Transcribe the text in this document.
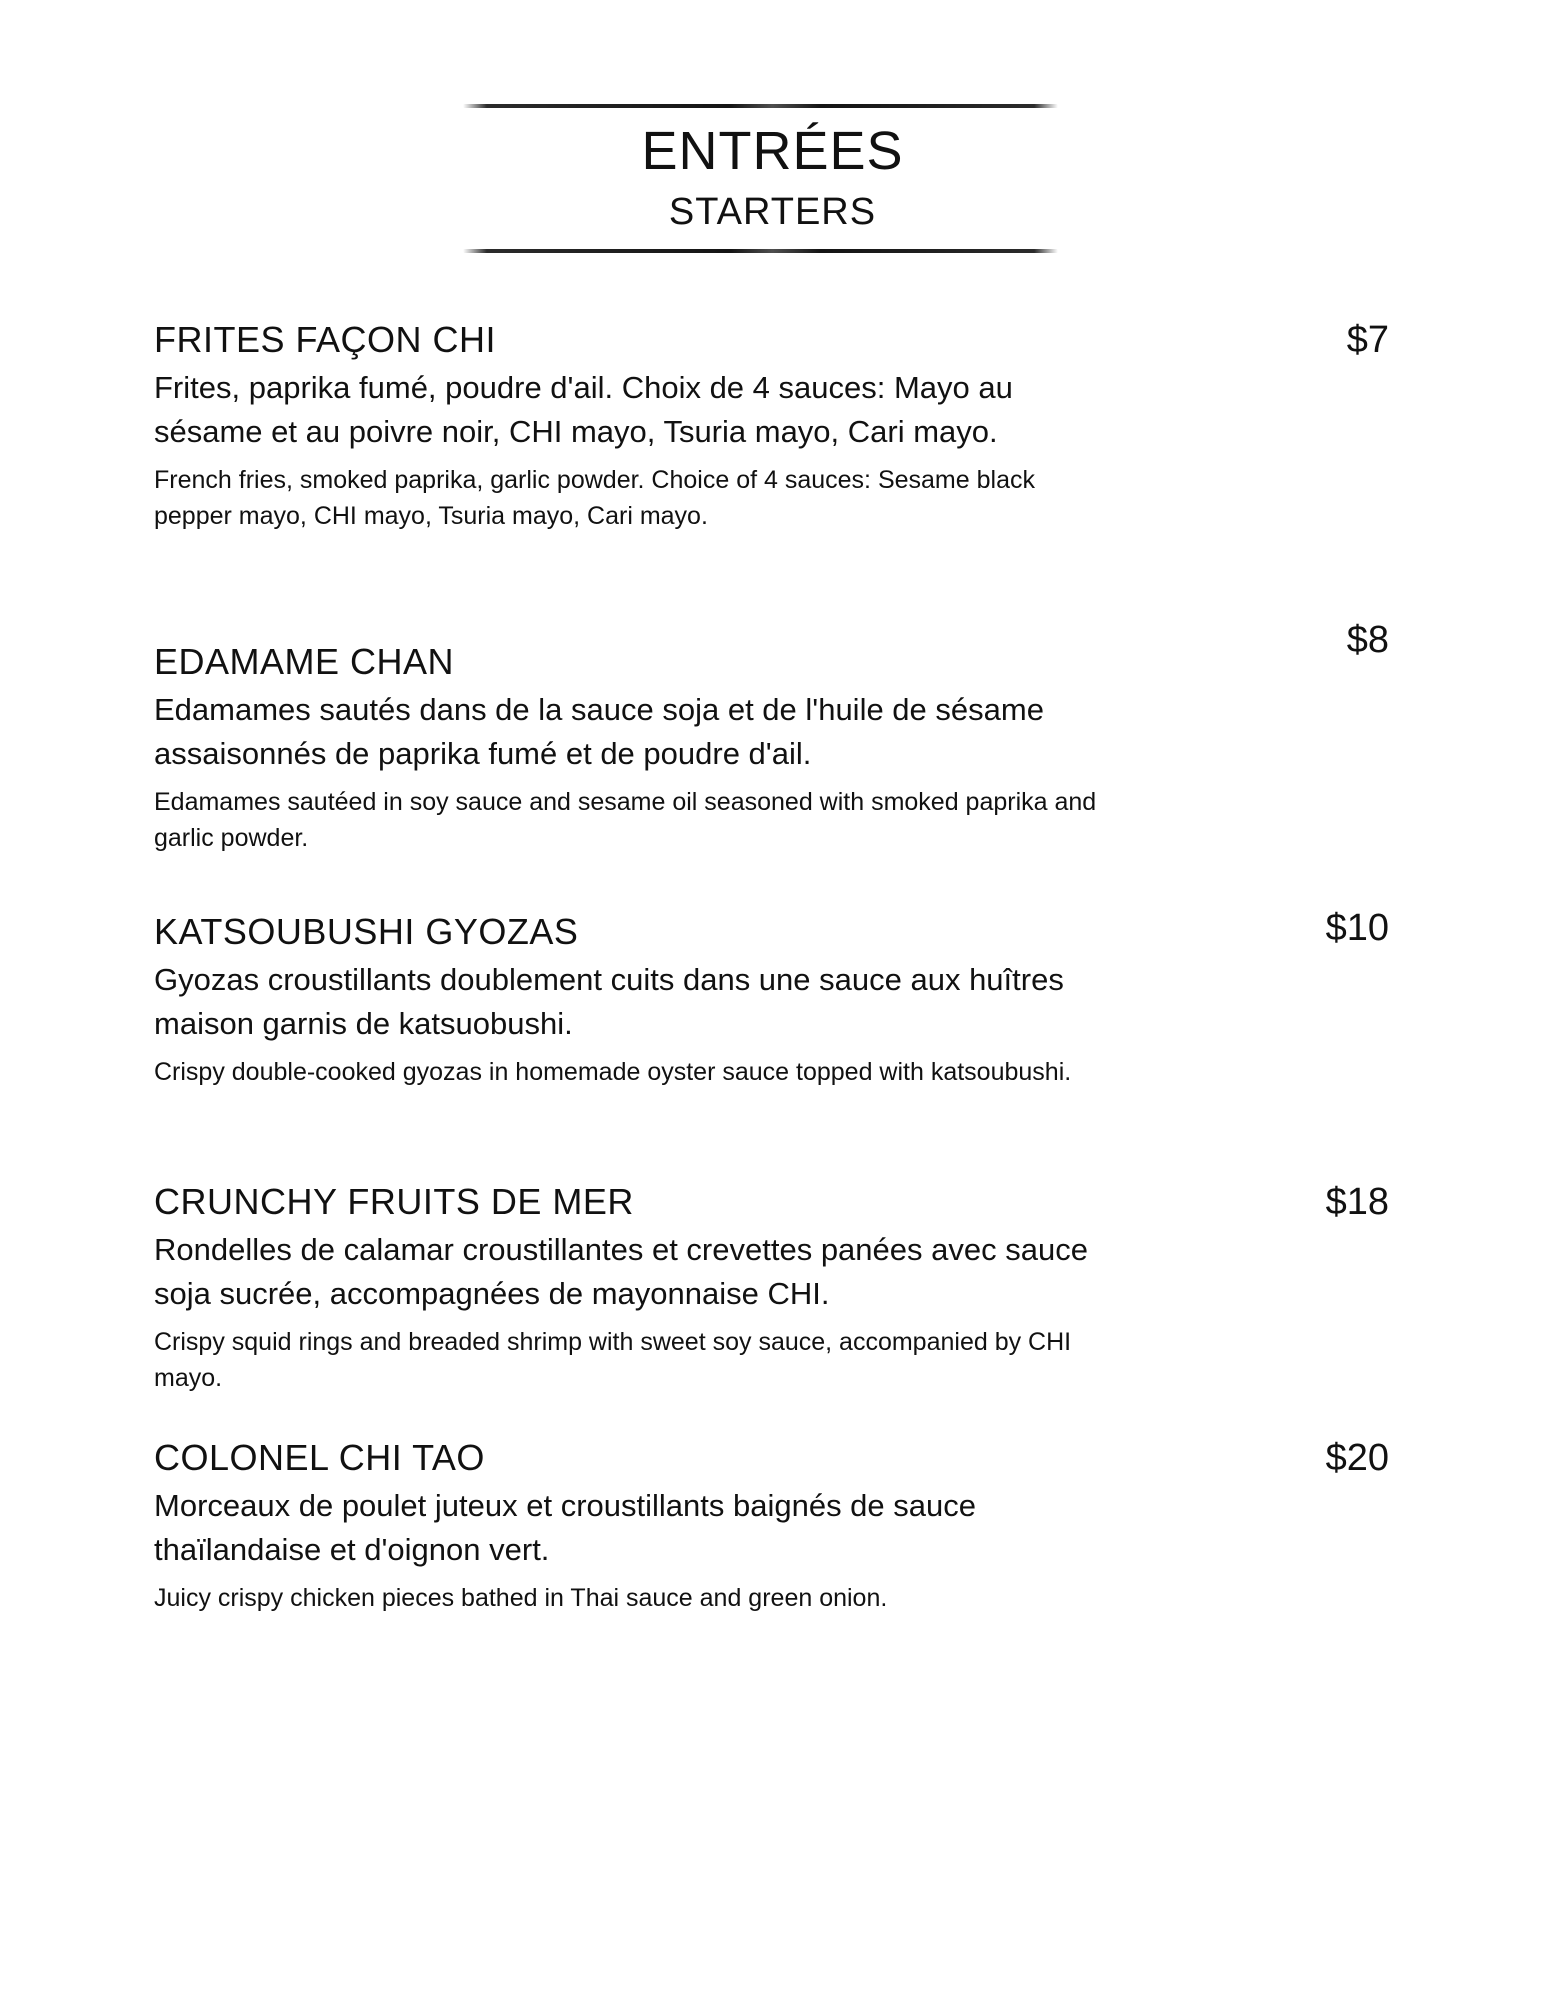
ENTRÉES
STARTERS
$7
FRITES FAÇON CHI
Frites, paprika fumé, poudre d'ail. Choix de 4 sauces: Mayo au sésame et au poivre noir, CHI mayo, Tsuria mayo, Cari mayo.
French fries, smoked paprika, garlic powder. Choice of 4 sauces: Sesame black pepper mayo, CHI mayo, Tsuria mayo, Cari mayo.
$8
EDAMAME CHAN
Edamames sautés dans de la sauce soja et de l'huile de sésame assaisonnés de paprika fumé et de poudre d'ail.
Edamames sautéed in soy sauce and sesame oil seasoned with smoked paprika and garlic powder.
$10
KATSOUBUSHI GYOZAS
Gyozas croustillants doublement cuits dans une sauce aux huîtres maison garnis de katsuobushi.
Crispy double-cooked gyozas in homemade oyster sauce topped with katsoubushi.
$18
CRUNCHY FRUITS DE MER
Rondelles de calamar croustillantes et crevettes panées avec sauce soja sucrée, accompagnées de mayonnaise CHI.
Crispy squid rings and breaded shrimp with sweet soy sauce, accompanied by CHI mayo.
$20
COLONEL CHI TAO
Morceaux de poulet juteux et croustillants baignés de sauce thaïlandaise et d'oignon vert.
Juicy crispy chicken pieces bathed in Thai sauce and green onion.
